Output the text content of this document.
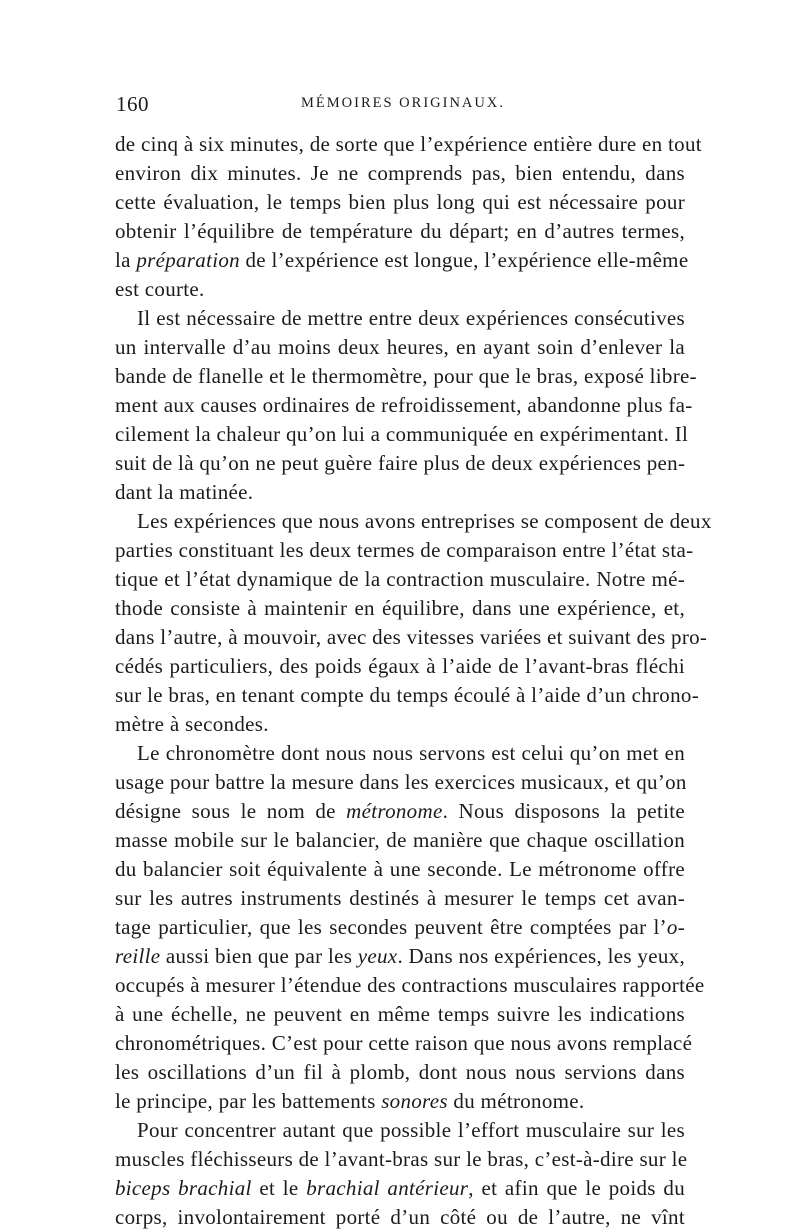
160	MÉMOIRES ORIGINAUX.
de cinq à six minutes, de sorte que l’expérience entière dure en tout
environ dix minutes. Je ne comprends pas, bien entendu, dans
cette évaluation, le temps bien plus long qui est nécessaire pour
obtenir l’équilibre de température du départ; en d’autres termes,
la préparation de l’expérience est longue, l’expérience elle-même
est courte.
Il est nécessaire de mettre entre deux expériences consécutives
un intervalle d’au moins deux heures, en ayant soin d’enlever la
bande de flanelle et le thermomètre, pour que le bras, exposé libre-
ment aux causes ordinaires de refroidissement, abandonne plus fa-
cilement la chaleur qu’on lui a communiquée en expérimentant. Il
suit de là qu’on ne peut guère faire plus de deux expériences pen-
dant la matinée.
Les expériences que nous avons entreprises se composent de deux
parties constituant les deux termes de comparaison entre l’état sta-
tique et l’état dynamique de la contraction musculaire. Notre mé-
thode consiste à maintenir en équilibre, dans une expérience, et,
dans l’autre, à mouvoir, avec des vitesses variées et suivant des pro-
cédés particuliers, des poids égaux à l’aide de l’avant-bras fléchi
sur le bras, en tenant compte du temps écoulé à l’aide d’un chrono-
mètre à secondes.
Le chronomètre dont nous nous servons est celui qu’on met en
usage pour battre la mesure dans les exercices musicaux, et qu’on
désigne sous le nom de métronome. Nous disposons la petite
masse mobile sur le balancier, de manière que chaque oscillation
du balancier soit équivalente à une seconde. Le métronome offre
sur les autres instruments destinés à mesurer le temps cet avan-
tage particulier, que les secondes peuvent être comptées par l’o-
reille aussi bien que par les yeux. Dans nos expériences, les yeux,
occupés à mesurer l’étendue des contractions musculaires rapportée
à une échelle, ne peuvent en même temps suivre les indications
chronométriques. C’est pour cette raison que nous avons remplacé
les oscillations d’un fil à plomb, dont nous nous servions dans
le principe, par les battements sonores du métronome.
Pour concentrer autant que possible l’effort musculaire sur les
muscles fléchisseurs de l’avant-bras sur le bras, c’est-à-dire sur le
biceps brachial et le brachial antérieur, et afin que le poids du
corps, involontairement porté d’un côté ou de l’autre, ne vînt
